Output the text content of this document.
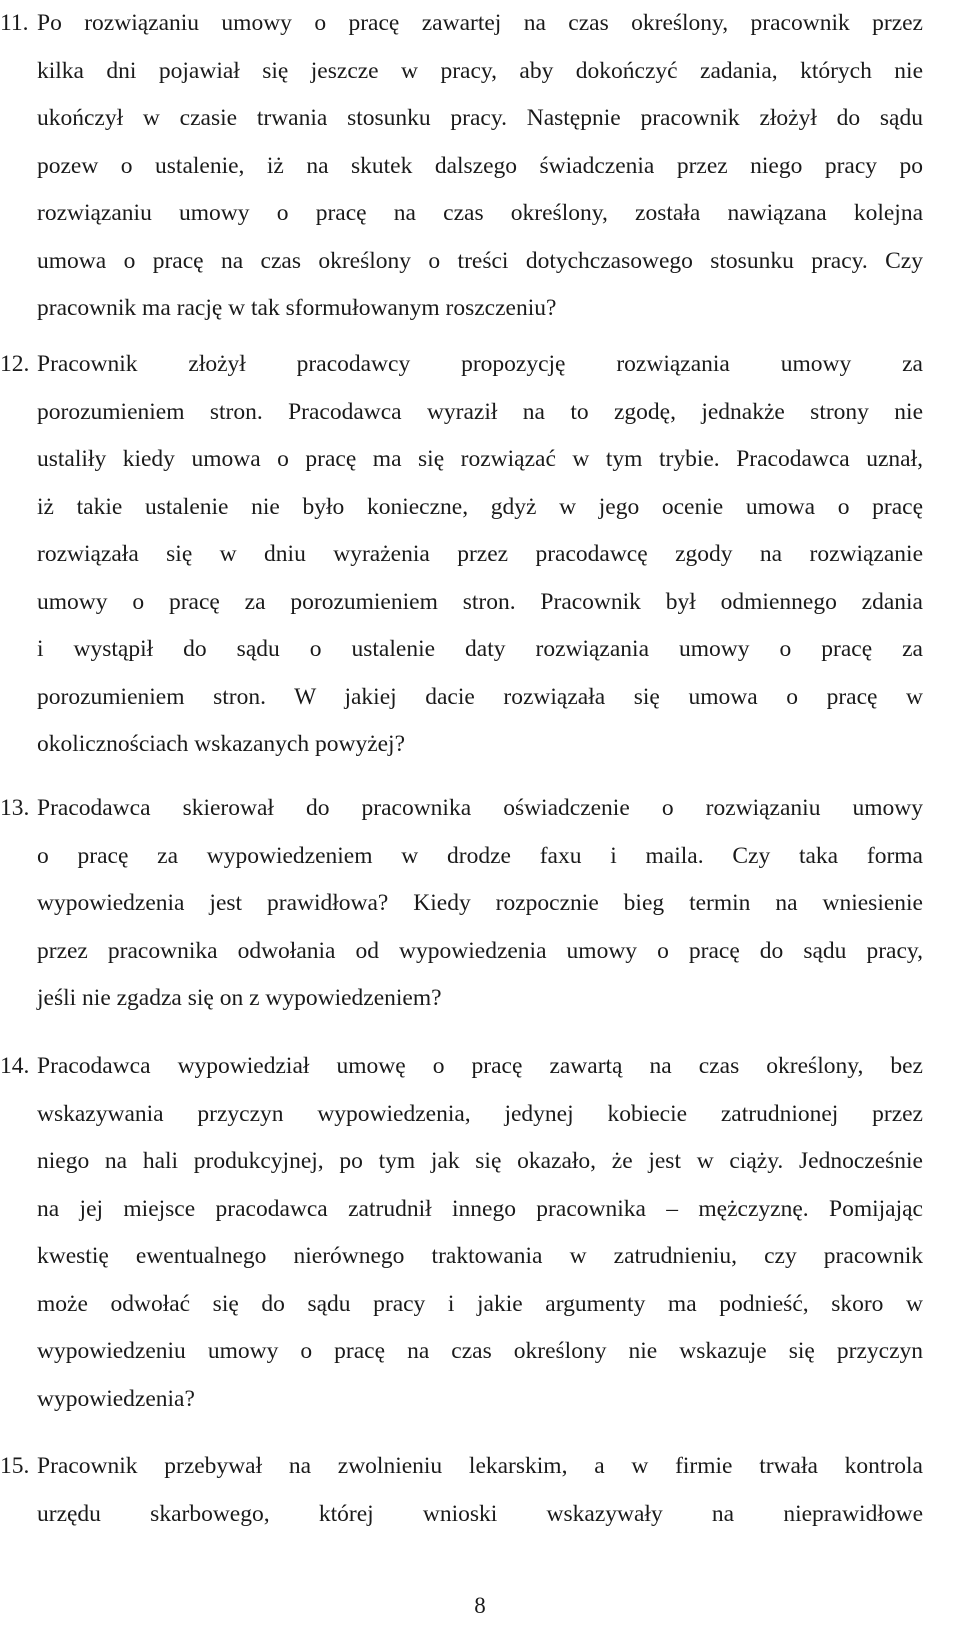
11. Po rozwiązaniu umowy o pracę zawartej na czas określony, pracownik przez
kilka dni pojawiał się jeszcze w pracy, aby dokończyć zadania, których nie
ukończył w czasie trwania stosunku pracy. Następnie pracownik złożył do sądu
pozew o ustalenie, iż na skutek dalszego świadczenia przez niego pracy po
rozwiązaniu umowy o pracę na czas określony, została nawiązana kolejna
umowa o pracę na czas określony o treści dotychczasowego stosunku pracy. Czy
pracownik ma rację w tak sformułowanym roszczeniu?
12. Pracownik złożył pracodawcy propozycję rozwiązania umowy za
porozumieniem stron. Pracodawca wyraził na to zgodę, jednakże strony nie
ustaliły kiedy umowa o pracę ma się rozwiązać w tym trybie. Pracodawca uznał,
iż takie ustalenie nie było konieczne, gdyż w jego ocenie umowa o pracę
rozwiązała się w dniu wyrażenia przez pracodawcę zgody na rozwiązanie
umowy o pracę za porozumieniem stron. Pracownik był odmiennego zdania
i wystąpił do sądu o ustalenie daty rozwiązania umowy o pracę za
porozumieniem stron. W jakiej dacie rozwiązała się umowa o pracę w
okolicznościach wskazanych powyżej?
13. Pracodawca skierował do pracownika oświadczenie o rozwiązaniu umowy
o pracę za wypowiedzeniem w drodze faxu i maila. Czy taka forma
wypowiedzenia jest prawidłowa? Kiedy rozpocznie bieg termin na wniesienie
przez pracownika odwołania od wypowiedzenia umowy o pracę do sądu pracy,
jeśli nie zgadza się on z wypowiedzeniem?
14. Pracodawca wypowiedział umowę o pracę zawartą na czas określony, bez
wskazywania przyczyn wypowiedzenia, jedynej kobiecie zatrudnionej przez
niego na hali produkcyjnej, po tym jak się okazało, że jest w ciąży. Jednocześnie
na jej miejsce pracodawca zatrudnił innego pracownika – mężczyznę. Pomijając
kwestię ewentualnego nierównego traktowania w zatrudnieniu, czy pracownik
może odwołać się do sądu pracy i jakie argumenty ma podnieść, skoro w
wypowiedzeniu umowy o pracę na czas określony nie wskazuje się przyczyn
wypowiedzenia?
15. Pracownik przebywał na zwolnieniu lekarskim, a w firmie trwała kontrola
urzędu skarbowego, której wnioski wskazywały na nieprawidłowe
8
